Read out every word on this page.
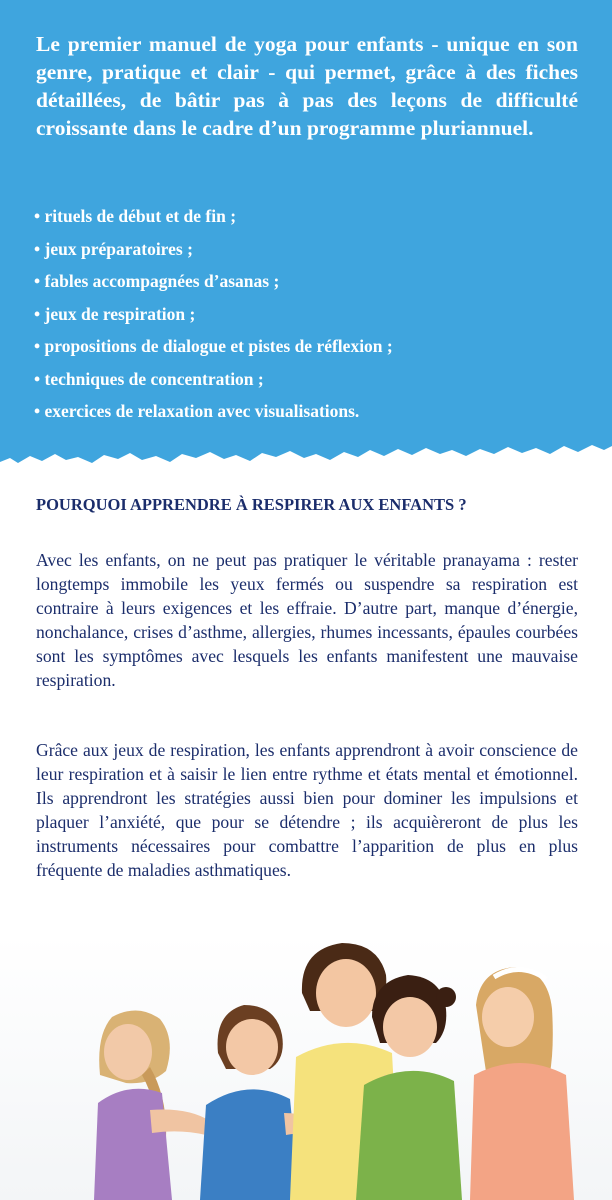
Le premier manuel de yoga pour enfants - unique en son genre, pratique et clair - qui permet, grâce à des fiches détaillées, de bâtir pas à pas des leçons de difficulté croissante dans le cadre d’un programme pluriannuel.

• rituels de début et de fin ;
• jeux préparatoires ;
• fables accompagnées d’asanas ;
• jeux de respiration ;
• propositions de dialogue et pistes de réflexion ;
• techniques de concentration ;
• exercices de relaxation avec visualisations.
POURQUOI APPRENDRE À RESPIRER AUX ENFANTS ?

Avec les enfants, on ne peut pas pratiquer le véritable pranayama : rester longtemps immobile les yeux fermés ou suspendre sa respiration est contraire à leurs exigences et les effraie. D’autre part, manque d’énergie, nonchalance, crises d’asthme, allergies, rhumes incessants, épaules courbées sont les symptômes avec lesquels les enfants manifestent une mauvaise respiration.

Grâce aux jeux de respiration, les enfants apprendront à avoir conscience de leur respiration et à saisir le lien entre rythme et états mental et émotionnel. Ils apprendront les stratégies aussi bien pour dominer les impulsions et plaquer l’anxiété, que pour se détendre ; ils acquièreront de plus les instruments nécessaires pour combattre l’apparition de plus en plus fréquente de maladies asthmatiques.
